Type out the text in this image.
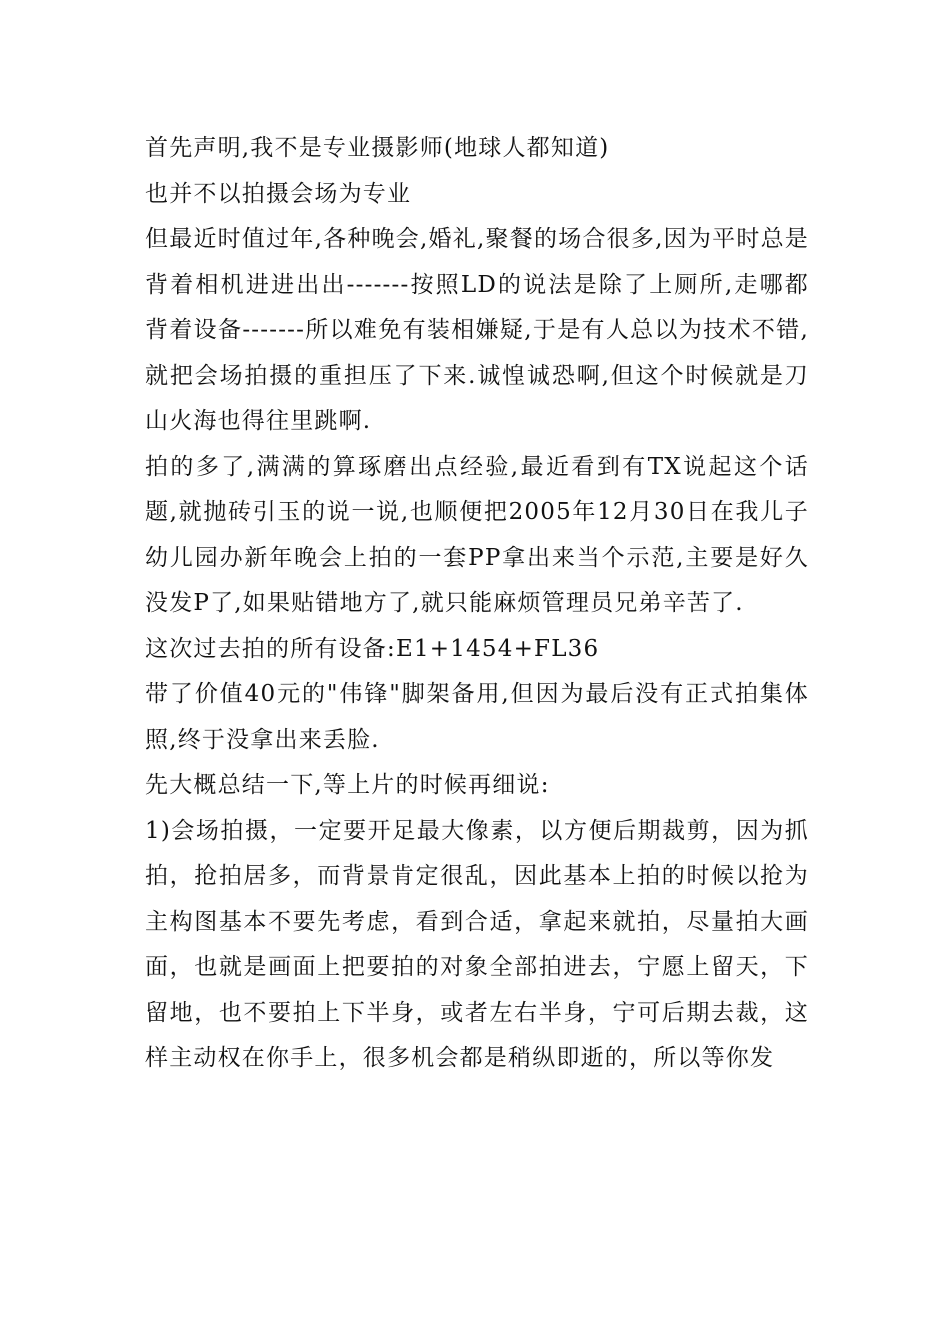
首先声明,我不是专业摄影师(地球人都知道)

也并不以拍摄会场为专业

但最近时值过年,各种晚会,婚礼,聚餐的场合很多,因为平时总是背着相机进进出出-------按照LD的说法是除了上厕所,走哪都背着设备-------所以难免有装相嫌疑,于是有人总以为技术不错,就把会场拍摄的重担压了下来.诚惶诚恐啊,但这个时候就是刀山火海也得往里跳啊.

拍的多了,满满的算琢磨出点经验,最近看到有TX说起这个话题,就抛砖引玉的说一说,也顺便把2005年12月30日在我儿子幼儿园办新年晚会上拍的一套PP拿出来当个示范,主要是好久没发P了,如果贴错地方了,就只能麻烦管理员兄弟辛苦了.

这次过去拍的所有设备:E1+1454+FL36

带了价值40元的"伟锋"脚架备用,但因为最后没有正式拍集体照,终于没拿出来丢脸.

先大概总结一下,等上片的时候再细说:

1)会场拍摄，一定要开足最大像素，以方便后期裁剪，因为抓拍，抢拍居多，而背景肯定很乱，因此基本上拍的时候以抢为主构图基本不要先考虑，看到合适，拿起来就拍，尽量拍大画面，也就是画面上把要拍的对象全部拍进去，宁愿上留天，下留地，也不要拍上下半身，或者左右半身，宁可后期去裁，这样主动权在你手上，很多机会都是稍纵即逝的，所以等你发
